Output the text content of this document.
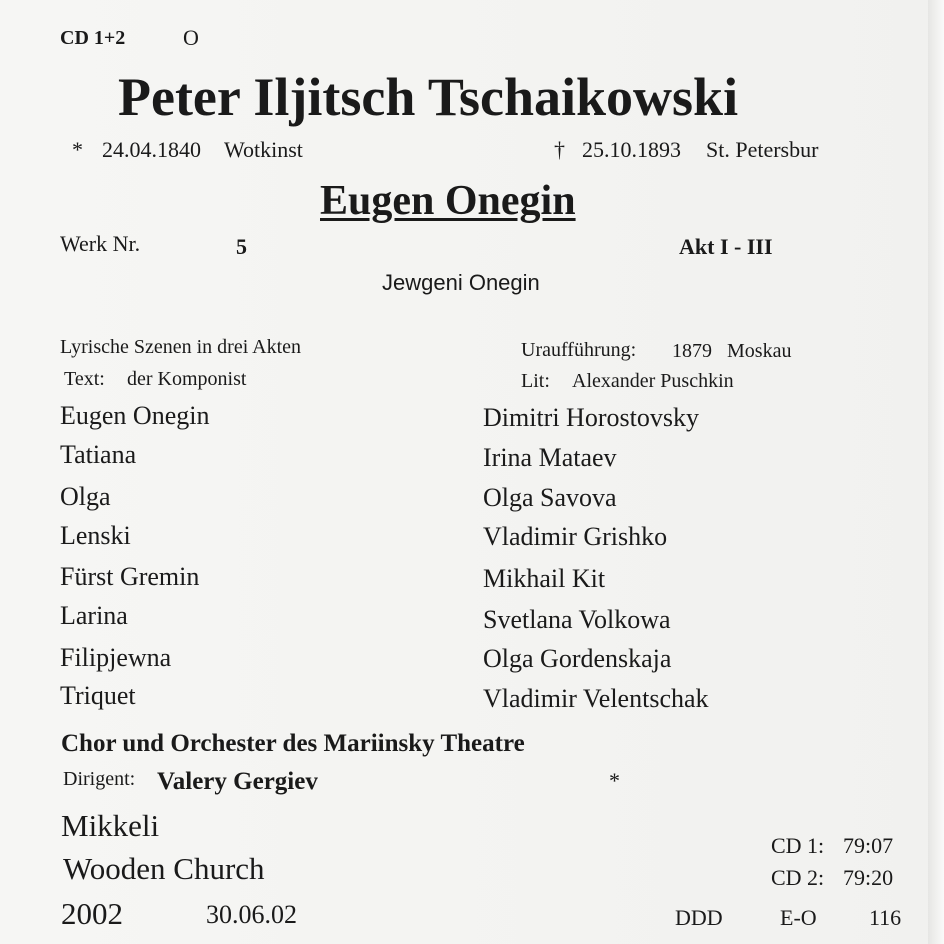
CD 1+2	O
Peter Iljitsch Tschaikowski
* 24.04.1840 Wotkinst	† 25.10.1893 St. Petersbur
Eugen Onegin
Werk Nr.	5	Akt I - III
Jewgeni Onegin
Lyrische Szenen in drei Akten
Text: der Komponist
Uraufführung: 1879 Moskau
Lit: Alexander Puschkin
Eugen Onegin	Dimitri Horostovsky
Tatiana	Irina Mataev
Olga	Olga Savova
Lenski	Vladimir Grishko
Fürst Gremin	Mikhail Kit
Larina	Svetlana Volkowa
Filipjewna	Olga Gordenskaja
Triquet	Vladimir Velentschak
Chor und Orchester des Mariinsky Theatre
Dirigent: Valery Gergiev	*
Mikkeli
Wooden Church
2002	30.06.02
CD 1: 79:07
CD 2: 79:20
DDD	E-O 116
